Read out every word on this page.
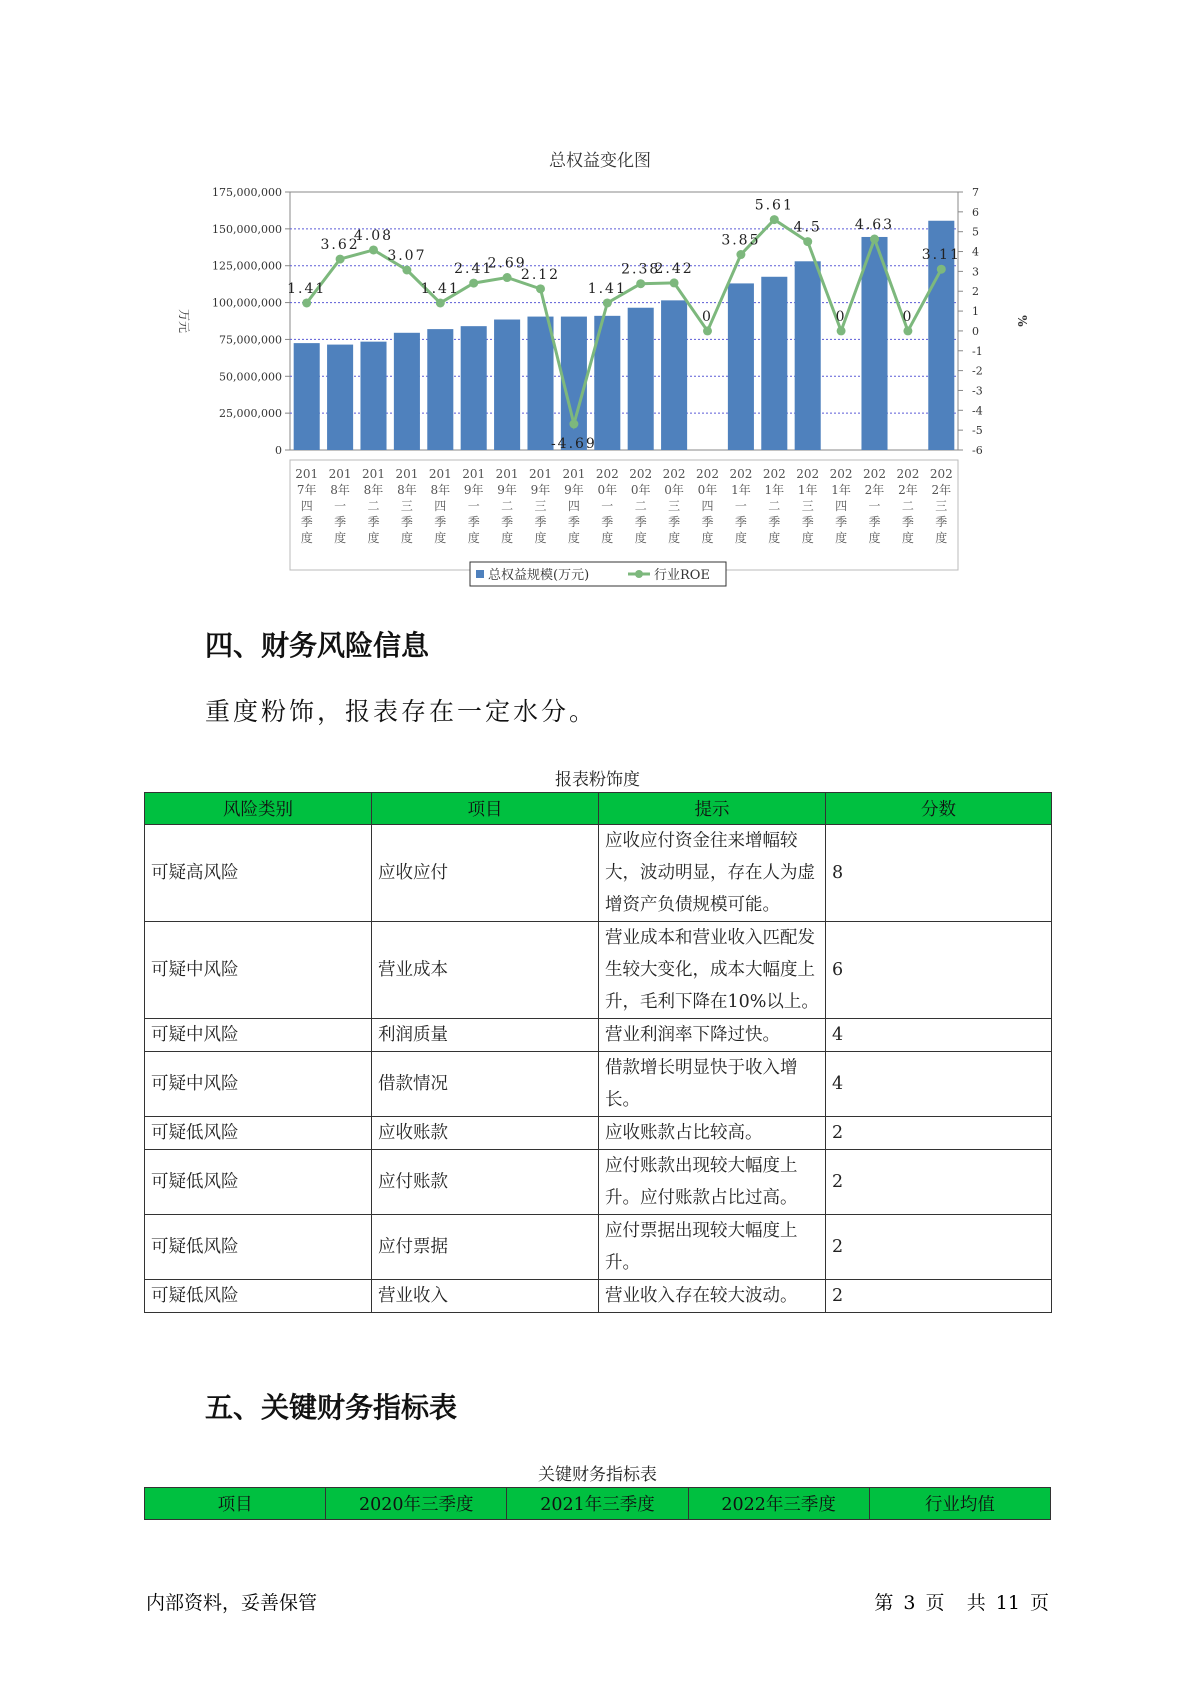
总权益变化图
175,000,000
150,000,000
125,000,000
100,000,000
75,000,000
50,000,000
25,000,000
0
7
6
5
4
3
2
1
0
-1
-2
-3
-4
-5
-6
万元	%
201
7年
四
季
度
201
8年
一
季
度
201
8年
二
季
度
201
8年
三
季
度
201
8年
四
季
度
201
9年
一
季
度
201
9年
二
季
度
201
9年
三
季
度
201
9年
四
季
度
202
0年
一
季
度
202
0年
二
季
度
202
0年
三
季
度
202
0年
四
季
度
202
1年
一
季
度
202
1年
二
季
度
202
1年
三
季
度
202
1年
四
季
度
202
2年
一
季
度
202
2年
二
季
度
202
2年
三
季
度
1.41
3.62
4.08
3.07
1.41
2.41
2.69
2.12
-4.69
1.41
2.38
2.42
0
3.85
5.61
4.5
0
4.63
0
3.11
总权益规模(万元)	行业ROE
四、财务风险信息
重度粉饰，报表存在一定水分。
报表粉饰度
风险类别	项目	提示	分数
可疑高风险	应收应付	应收应付资金往来增幅较大，波动明显，存在人为虚增资产负债规模可能。	8
可疑中风险	营业成本	营业成本和营业收入匹配发生较大变化，成本大幅度上升，毛利下降在10%以上。	6
可疑中风险	利润质量	营业利润率下降过快。	4
可疑中风险	借款情况	借款增长明显快于收入增长。	4
可疑低风险	应收账款	应收账款占比较高。	2
可疑低风险	应付账款	应付账款出现较大幅度上升。应付账款占比过高。	2
可疑低风险	应付票据	应付票据出现较大幅度上升。	2
可疑低风险	营业收入	营业收入存在较大波动。	2
五、关键财务指标表
关键财务指标表
项目	2020年三季度	2021年三季度	2022年三季度	行业均值
内部资料，妥善保管	第 3 页 共 11 页
